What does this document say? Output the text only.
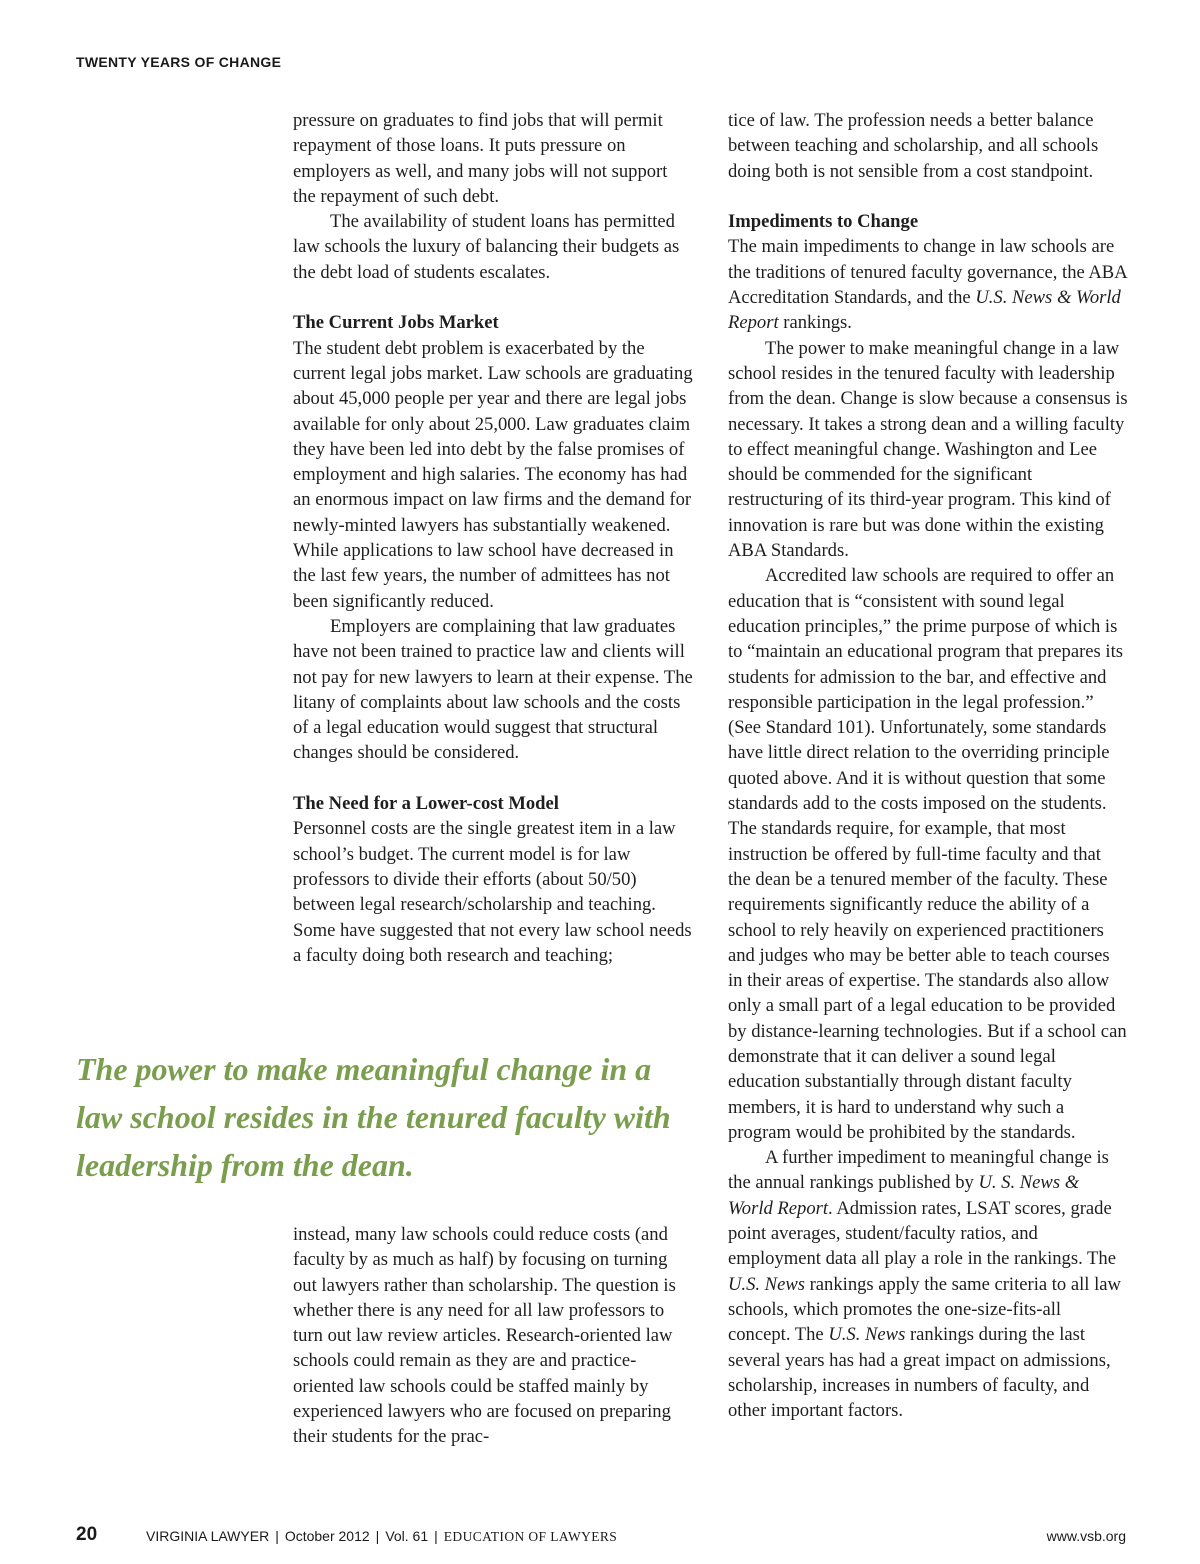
TWENTY YEARS OF CHANGE

pressure on graduates to find jobs that will permit repayment of those loans. It puts pressure on employers as well, and many jobs will not support the repayment of such debt.

The availability of student loans has permitted law schools the luxury of balancing their budgets as the debt load of students escalates.

The Current Jobs Market

The student debt problem is exacerbated by the current legal jobs market. Law schools are graduating about 45,000 people per year and there are legal jobs available for only about 25,000. Law graduates claim they have been led into debt by the false promises of employment and high salaries. The economy has had an enormous impact on law firms and the demand for newly-minted lawyers has substantially weakened. While applications to law school have decreased in the last few years, the number of admittees has not been significantly reduced.

Employers are complaining that law graduates have not been trained to practice law and clients will not pay for new lawyers to learn at their expense. The litany of complaints about law schools and the costs of a legal education would suggest that structural changes should be considered.

The Need for a Lower-cost Model

Personnel costs are the single greatest item in a law school’s budget. The current model is for law professors to divide their efforts (about 50/50) between legal research/scholarship and teaching. Some have suggested that not every law school needs a faculty doing both research and teaching;

The power to make meaningful change in a law school resides in the tenured faculty with leadership from the dean.

instead, many law schools could reduce costs (and faculty by as much as half) by focusing on turning out lawyers rather than scholarship. The question is whether there is any need for all law professors to turn out law review articles. Research-oriented law schools could remain as they are and practice-oriented law schools could be staffed mainly by experienced lawyers who are focused on preparing their students for the prac-

tice of law. The profession needs a better balance between teaching and scholarship, and all schools doing both is not sensible from a cost standpoint.

Impediments to Change

The main impediments to change in law schools are the traditions of tenured faculty governance, the ABA Accreditation Standards, and the U.S. News & World Report rankings.

The power to make meaningful change in a law school resides in the tenured faculty with leadership from the dean. Change is slow because a consensus is necessary. It takes a strong dean and a willing faculty to effect meaningful change. Washington and Lee should be commended for the significant restructuring of its third-year program. This kind of innovation is rare but was done within the existing ABA Standards.

Accredited law schools are required to offer an education that is “consistent with sound legal education principles,” the prime purpose of which is to “maintain an educational program that prepares its students for admission to the bar, and effective and responsible participation in the legal profession.” (See Standard 101). Unfortunately, some standards have little direct relation to the overriding principle quoted above. And it is without question that some standards add to the costs imposed on the students. The standards require, for example, that most instruction be offered by full-time faculty and that the dean be a tenured member of the faculty. These requirements significantly reduce the ability of a school to rely heavily on experienced practitioners and judges who may be better able to teach courses in their areas of expertise. The standards also allow only a small part of a legal education to be provided by distance-learning technologies. But if a school can demonstrate that it can deliver a sound legal education substantially through distant faculty members, it is hard to understand why such a program would be prohibited by the standards.

A further impediment to meaningful change is the annual rankings published by U. S. News & World Report. Admission rates, LSAT scores, grade point averages, student/faculty ratios, and employment data all play a role in the rankings. The U.S. News rankings apply the same criteria to all law schools, which promotes the one-size-fits-all concept. The U.S. News rankings during the last several years has had a great impact on admissions, scholarship, increases in numbers of faculty, and other important factors.

20	VIRGINIA LAWYER | October 2012 | Vol. 61 | EDUCATION OF LAWYERS	www.vsb.org
